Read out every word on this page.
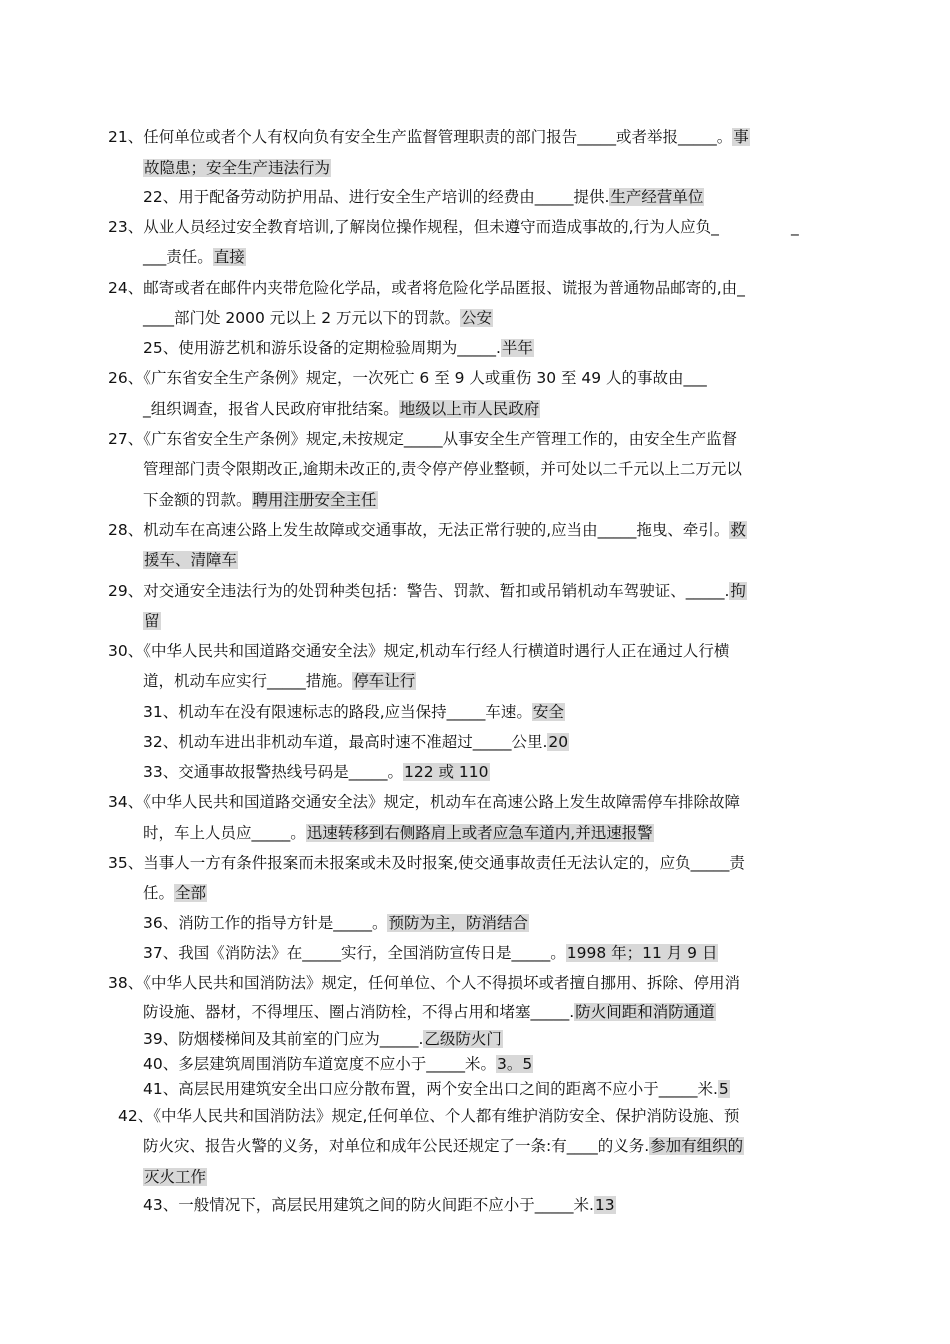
21、任何单位或者个人有权向负有安全生产监督管理职责的部门报告_____或者举报_____。事
故隐患；安全生产违法行为
22、用于配备劳动防护用品、进行安全生产培训的经费由_____提供.生产经营单位
23、从业人员经过安全教育培训,了解岗位操作规程，但未遵守而造成事故的,行为人应负_	_
___责任。直接
24、邮寄或者在邮件内夹带危险化学品，或者将危险化学品匿报、谎报为普通物品邮寄的,由_
____部门处 2000 元以上 2 万元以下的罚款。公安
25、使用游艺机和游乐设备的定期检验周期为_____.半年
26、《广东省安全生产条例》规定，一次死亡 6 至 9 人或重伤 30 至 49 人的事故由___
_组织调查，报省人民政府审批结案。地级以上市人民政府
27、《广东省安全生产条例》规定,未按规定_____从事安全生产管理工作的，由安全生产监督
管理部门责令限期改正,逾期未改正的,责令停产停业整顿，并可处以二千元以上二万元以
下金额的罚款。聘用注册安全主任
28、机动车在高速公路上发生故障或交通事故，无法正常行驶的,应当由_____拖曳、牵引。救
援车、清障车
29、对交通安全违法行为的处罚种类包括：警告、罚款、暂扣或吊销机动车驾驶证、_____.拘
留
30、《中华人民共和国道路交通安全法》规定,机动车行经人行横道时遇行人正在通过人行横
道，机动车应实行_____措施。停车让行
31、机动车在没有限速标志的路段,应当保持_____车速。安全
32、机动车进出非机动车道，最高时速不准超过_____公里.20
33、交通事故报警热线号码是_____。122 或 110
34、《中华人民共和国道路交通安全法》规定，机动车在高速公路上发生故障需停车排除故障
时，车上人员应_____。迅速转移到右侧路肩上或者应急车道内,并迅速报警
35、当事人一方有条件报案而未报案或未及时报案,使交通事故责任无法认定的，应负_____责
任。全部
36、消防工作的指导方针是_____。预防为主，防消结合
37、我国《消防法》在_____实行，全国消防宣传日是_____。1998 年；11 月 9 日
38、《中华人民共和国消防法》规定，任何单位、个人不得损坏或者擅自挪用、拆除、停用消
防设施、器材，不得埋压、圈占消防栓，不得占用和堵塞_____.防火间距和消防通道
39、防烟楼梯间及其前室的门应为_____.乙级防火门
40、多层建筑周围消防车道宽度不应小于_____米。3。5
41、高层民用建筑安全出口应分散布置，两个安全出口之间的距离不应小于_____米.5
42、《中华人民共和国消防法》规定,任何单位、个人都有维护消防安全、保护消防设施、预
防火灾、报告火警的义务，对单位和成年公民还规定了一条:有____的义务.参加有组织的
灭火工作
43、一般情况下，高层民用建筑之间的防火间距不应小于_____米.13
